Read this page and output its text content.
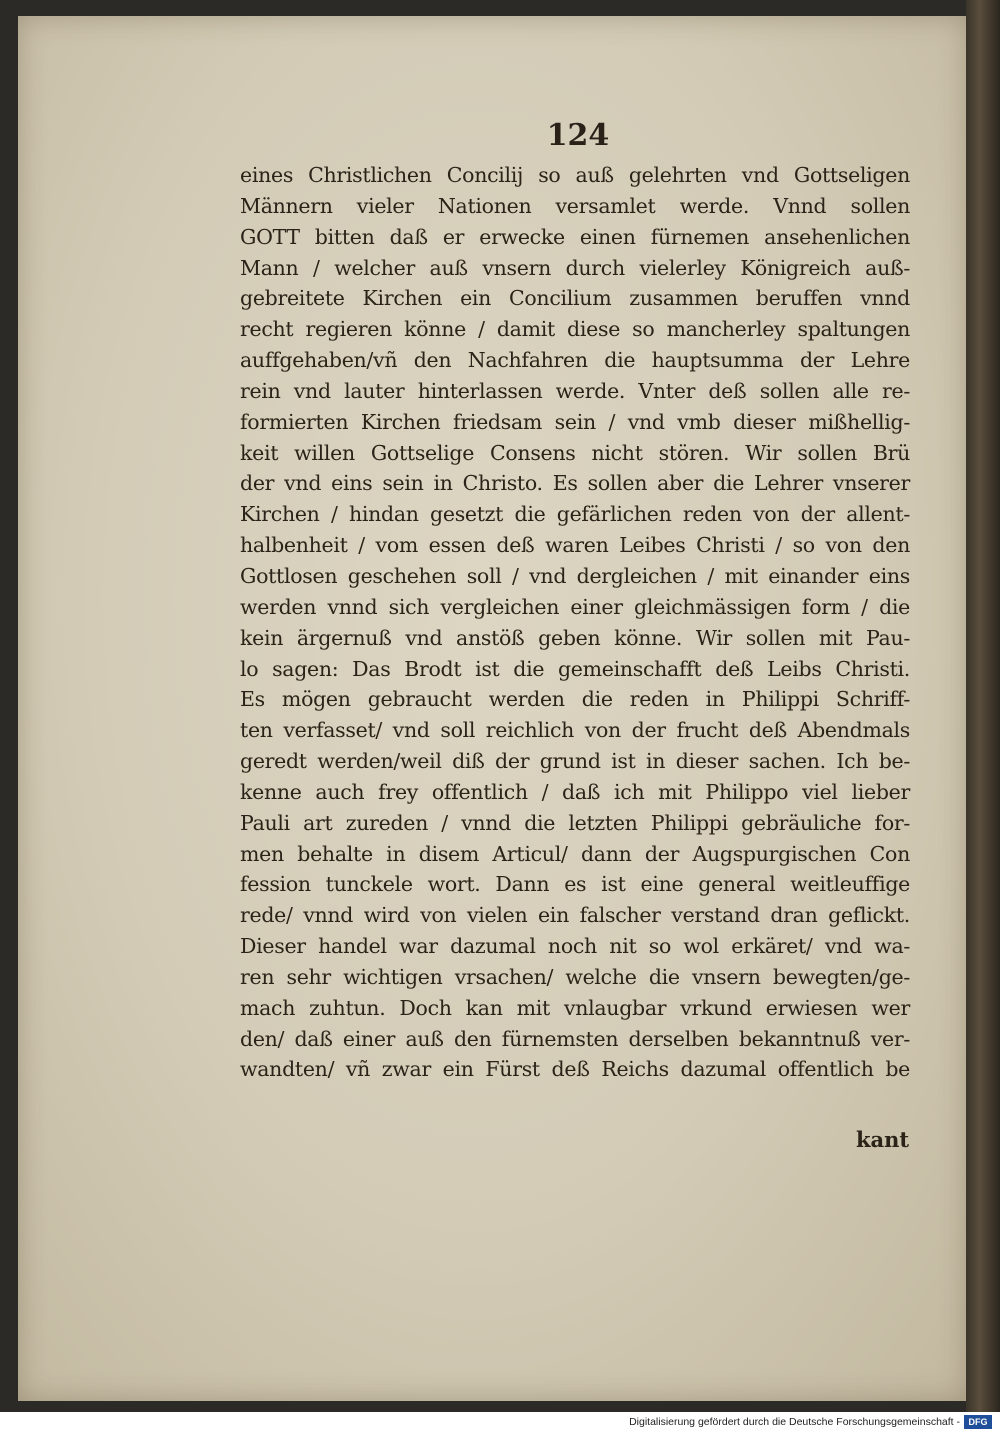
124
eines Christlichen Concilij so auß gelehrten vnd Gottseligen
Männern vieler Nationen versamlet werde. Vnnd sollen
GOTT bitten daß er erwecke einen fürnemen ansehenlichen
Mann / welcher auß vnsern durch vielerley Königreich auß-
gebreitete Kirchen ein Concilium zusammen beruffen vnnd
recht regieren könne / damit diese so mancherley spaltungen
auffgehaben/vñ den Nachfahren die hauptsumma der Lehre
rein vnd lauter hinterlassen werde. Vnter deß sollen alle re-
formierten Kirchen friedsam sein / vnd vmb dieser mißhellig-
keit willen Gottselige Consens nicht stören. Wir sollen Brü
der vnd eins sein in Christo. Es sollen aber die Lehrer vnserer
Kirchen / hindan gesetzt die gefärlichen reden von der allent-
halbenheit / vom essen deß waren Leibes Christi / so von den
Gottlosen geschehen soll / vnd dergleichen / mit einander eins
werden vnnd sich vergleichen einer gleichmässigen form / die
kein ärgernuß vnd anstöß geben könne. Wir sollen mit Pau-
lo sagen: Das Brodt ist die gemeinschafft deß Leibs Christi.
Es mögen gebraucht werden die reden in Philippi Schriff-
ten verfasset/ vnd soll reichlich von der frucht deß Abendmals
geredt werden/weil diß der grund ist in dieser sachen. Ich be-
kenne auch frey offentlich / daß ich mit Philippo viel lieber
Pauli art zureden / vnnd die letzten Philippi gebräuliche for-
men behalte in disem Articul/ dann der Augspurgischen Con
fession tunckele wort. Dann es ist eine general weitleuffige
rede/ vnnd wird von vielen ein falscher verstand dran geflickt.
Dieser handel war dazumal noch nit so wol erkäret/ vnd wa-
ren sehr wichtigen vrsachen/ welche die vnsern bewegten/ge-
mach zuhtun. Doch kan mit vnlaugbar vrkund erwiesen wer
den/ daß einer auß den fürnemsten derselben bekanntnuß ver-
wandten/ vñ zwar ein Fürst deß Reichs dazumal offentlich be
kant
Digitalisierung gefördert durch die Deutsche Forschungsgemeinschaft - DFG
